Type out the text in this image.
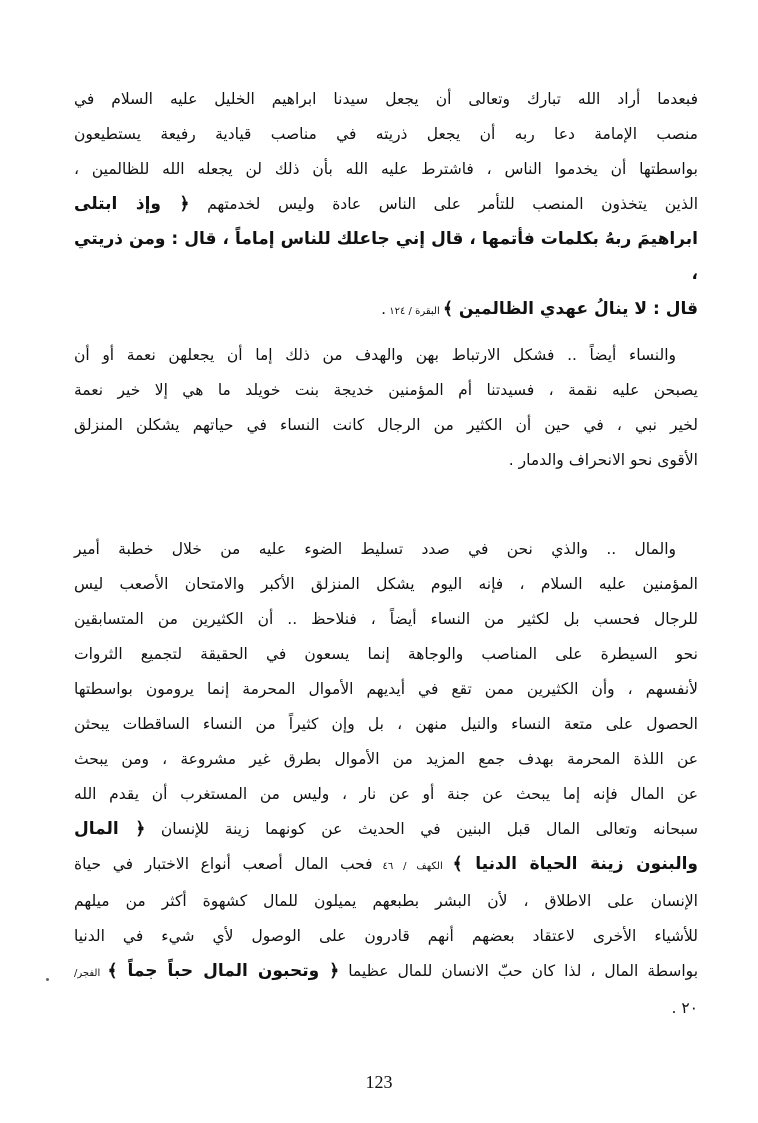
فبعدما أراد الله تبارك وتعالى أن يجعل سيدنا ابراهيم الخليل عليه السلام في
منصب الإمامة دعا ربه أن يجعل ذريته في مناصب قيادية رفيعة يستطيعون
بواسطتها أن يخدموا الناس ، فاشترط عليه الله بأن ذلك لن يجعله الله للظالمين ،
الذين يتخذون المنصب للتأمر على الناس عادة وليس لخدمتهم ﴿ وإذ ابتلى
ابراهيمَ ربهُ بكلمات فأتمها ، قال إني جاعلك للناس إماماً ، قال : ومن ذريتي ،
قال : لا ينالُ عهدي الظالمين ﴾ البقرة / ١٢٤ .
والنساء أيضاً .. فشكل الارتباط بهن والهدف من ذلك إما أن يجعلهن نعمة أو أن
يصبحن عليه نقمة ، فسيدتنا أم المؤمنين خديجة بنت خويلد ما هي إلا خير نعمة
لخير نبي ، في حين أن الكثير من الرجال كانت النساء في حياتهم يشكلن المنزلق
الأقوى نحو الانحراف والدمار .
والمال .. والذي نحن في صدد تسليط الضوء عليه من خلال خطبة أمير
المؤمنين عليه السلام ، فإنه اليوم يشكل المنزلق الأكبر والامتحان الأصعب ليس
للرجال فحسب بل لكثير من النساء أيضاً ، فنلاحظ .. أن الكثيرين من المتسابقين
نحو السيطرة على المناصب والوجاهة إنما يسعون في الحقيقة لتجميع الثروات
لأنفسهم ، وأن الكثيرين ممن تقع في أيديهم الأموال المحرمة إنما يرومون بواسطتها
الحصول على متعة النساء والنيل منهن ، بل وإن كثيراً من النساء الساقطات يبحثن
عن اللذة المحرمة بهدف جمع المزيد من الأموال بطرق غير مشروعة ، ومن يبحث
عن المال فإنه إما يبحث عن جنة أو عن نار ، وليس من المستغرب أن يقدم الله
سبحانه وتعالى المال قبل البنين في الحديث عن كونهما زينة للإنسان ﴿ المال
والبنون زينة الحياة الدنيا ﴾ الكهف / ٤٦ فحب المال أصعب أنواع الاختبار في حياة
الإنسان على الاطلاق ، لأن البشر بطبعهم يميلون للمال كشهوة أكثر من ميلهم
للأشياء الأخرى لاعتقاد بعضهم أنهم قادرون على الوصول لأي شيء في الدنيا
بواسطة المال ، لذا كان حبّ الانسان للمال عظيما ﴿ وتحبون المال حباً جماً ﴾ الفجر/
٢٠ .
123
